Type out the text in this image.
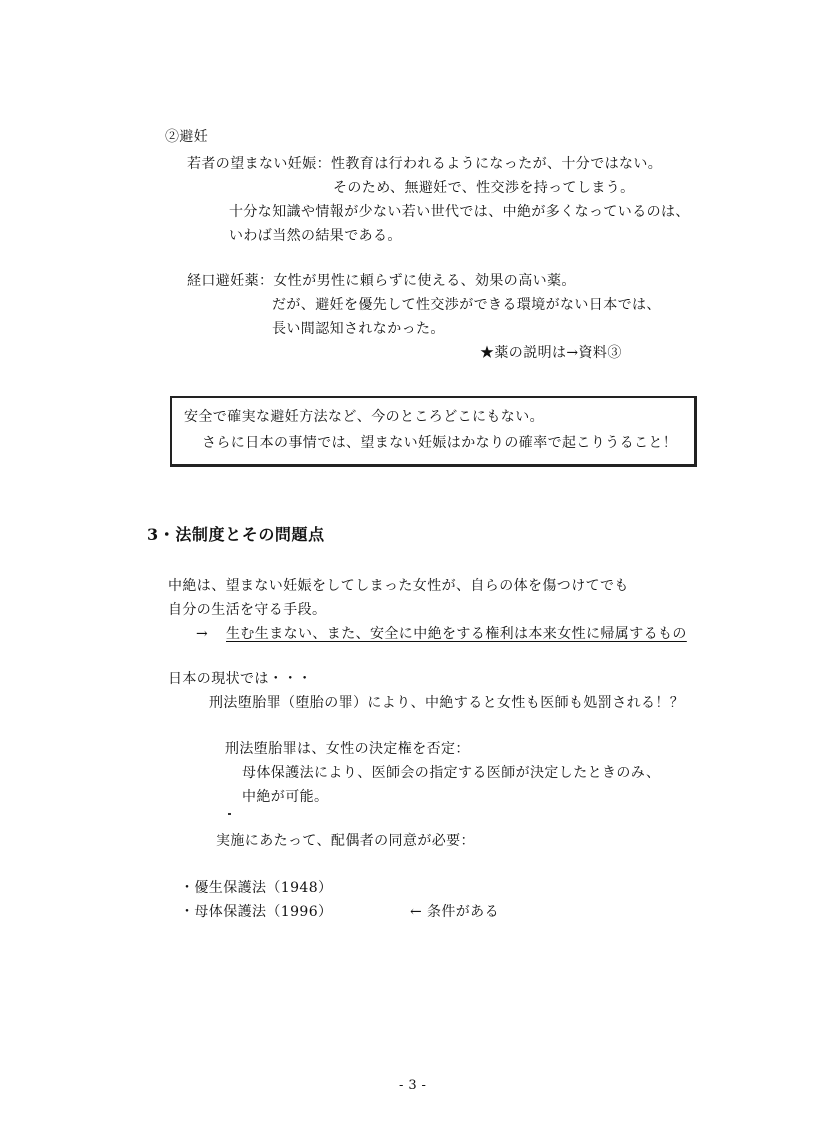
②避妊
若者の望まない妊娠：性教育は行われるようになったが、十分ではない。
そのため、無避妊で、性交渉を持ってしまう。
十分な知識や情報が少ない若い世代では、中絶が多くなっているのは、
いわば当然の結果である。
経口避妊薬：女性が男性に頼らずに使える、効果の高い薬。
だが、避妊を優先して性交渉ができる環境がない日本では、
長い間認知されなかった。
★薬の説明は→資料③
安全で確実な避妊方法など、今のところどこにもない。
さらに日本の事情では、望まない妊娠はかなりの確率で起こりうること！
3・法制度とその問題点
中絶は、望まない妊娠をしてしまった女性が、自らの体を傷つけてでも
自分の生活を守る手段。
→ 生む生まない、また、安全に中絶をする権利は本来女性に帰属するもの
日本の現状では・・・
刑法堕胎罪（堕胎の罪）により、中絶すると女性も医師も処罰される！？
刑法堕胎罪は、女性の決定権を否定：
母体保護法により、医師会の指定する医師が決定したときのみ、
中絶が可能。
実施にあたって、配偶者の同意が必要：
・優生保護法（1948）
・母体保護法（1996）	← 条件がある
- 3 -
